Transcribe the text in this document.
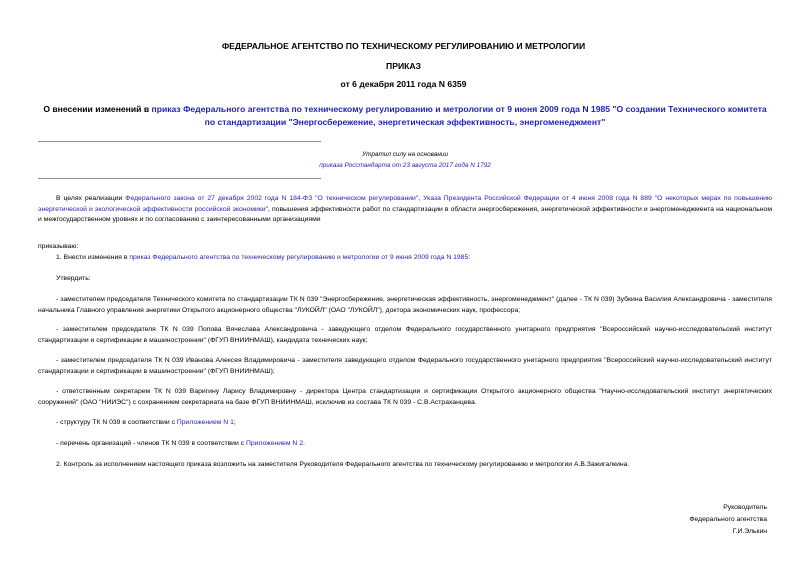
ФЕДЕРАЛЬНОЕ АГЕНТСТВО ПО ТЕХНИЧЕСКОМУ РЕГУЛИРОВАНИЮ И МЕТРОЛОГИИ
ПРИКАЗ
от 6 декабря 2011 года N 6359
О внесении изменений в приказ Федерального агентства по техническому регулированию и метрологии от 9 июня 2009 года N 1985 "О создании Технического комитета по стандартизации "Энергосбережение, энергетическая эффективность, энергоменеджмент"
Утратил силу на основании
приказа Росстандарта от 23 августа 2017 года N 1792
В целях реализации Федерального закона от 27 декабря 2002 года N 184-ФЗ "О техническом регулировании", Указа Президента Российской Федерации от 4 июня 2008 года N 889 "О некоторых мерах по повышению энергетической и экологической эффективности российской экономики", повышения эффективности работ по стандартизации в области энергосбережения, энергетической эффективности и энергоменеджмента на национальном и межгосударственном уровнях и по согласованию с заинтересованными организациями
приказываю:
1. Внести изменения в приказ Федерального агентства по техническому регулированию и метрологии от 9 июня 2009 года N 1985:
Утвердить:
- заместителем председателя Технического комитета по стандартизации ТК N 039 "Энергосбережение, энергетическая эффективность, энергоменеджмент" (далее - ТК N 039) Зубкина Василия Александровича - заместителя начальника Главного управления энергетики Открытого акционерного общества "ЛУКОЙЛ" (ОАО "ЛУКОЙЛ"), доктора экономических наук, профессора;
- заместителем председателя ТК N 039 Попова Вячеслава Александровича - заведующего отделом Федерального государственного унитарного предприятия "Всероссийский научно-исследовательский институт стандартизации и сертификации в машиностроении" (ФГУП ВНИИНМАШ), кандидата технических наук;
- заместителем председателя ТК N 039 Иванова Алексея Владимировича - заместителя заведующего отделом Федерального государственного унитарного предприятия "Всероссийский научно-исследовательский институт стандартизации и сертификации в машиностроении" (ФГУП ВНИИНМАШ);
- ответственным секретарем ТК N 039 Варигину Ларису Владимировну - директора Центра стандартизации и сертификации Открытого акционерного общества "Научно-исследовательский институт энергетических сооружений" (ОАО "НИИЭС") с сохранением секретариата на базе ФГУП ВНИИНМАШ, исключив из состава ТК N 039 - С.В.Астраханцева.
- структуру ТК N 039 в соответствии с Приложением N 1;
- перечень организаций - членов ТК N 039 в соответствии с Приложением N 2.
2. Контроль за исполнением настоящего приказа возложить на заместителя Руководителя Федерального агентства по техническому регулированию и метрологии А.В.Зажигалкина.
Руководитель
Федерального агентства
Г.И.Элькин
